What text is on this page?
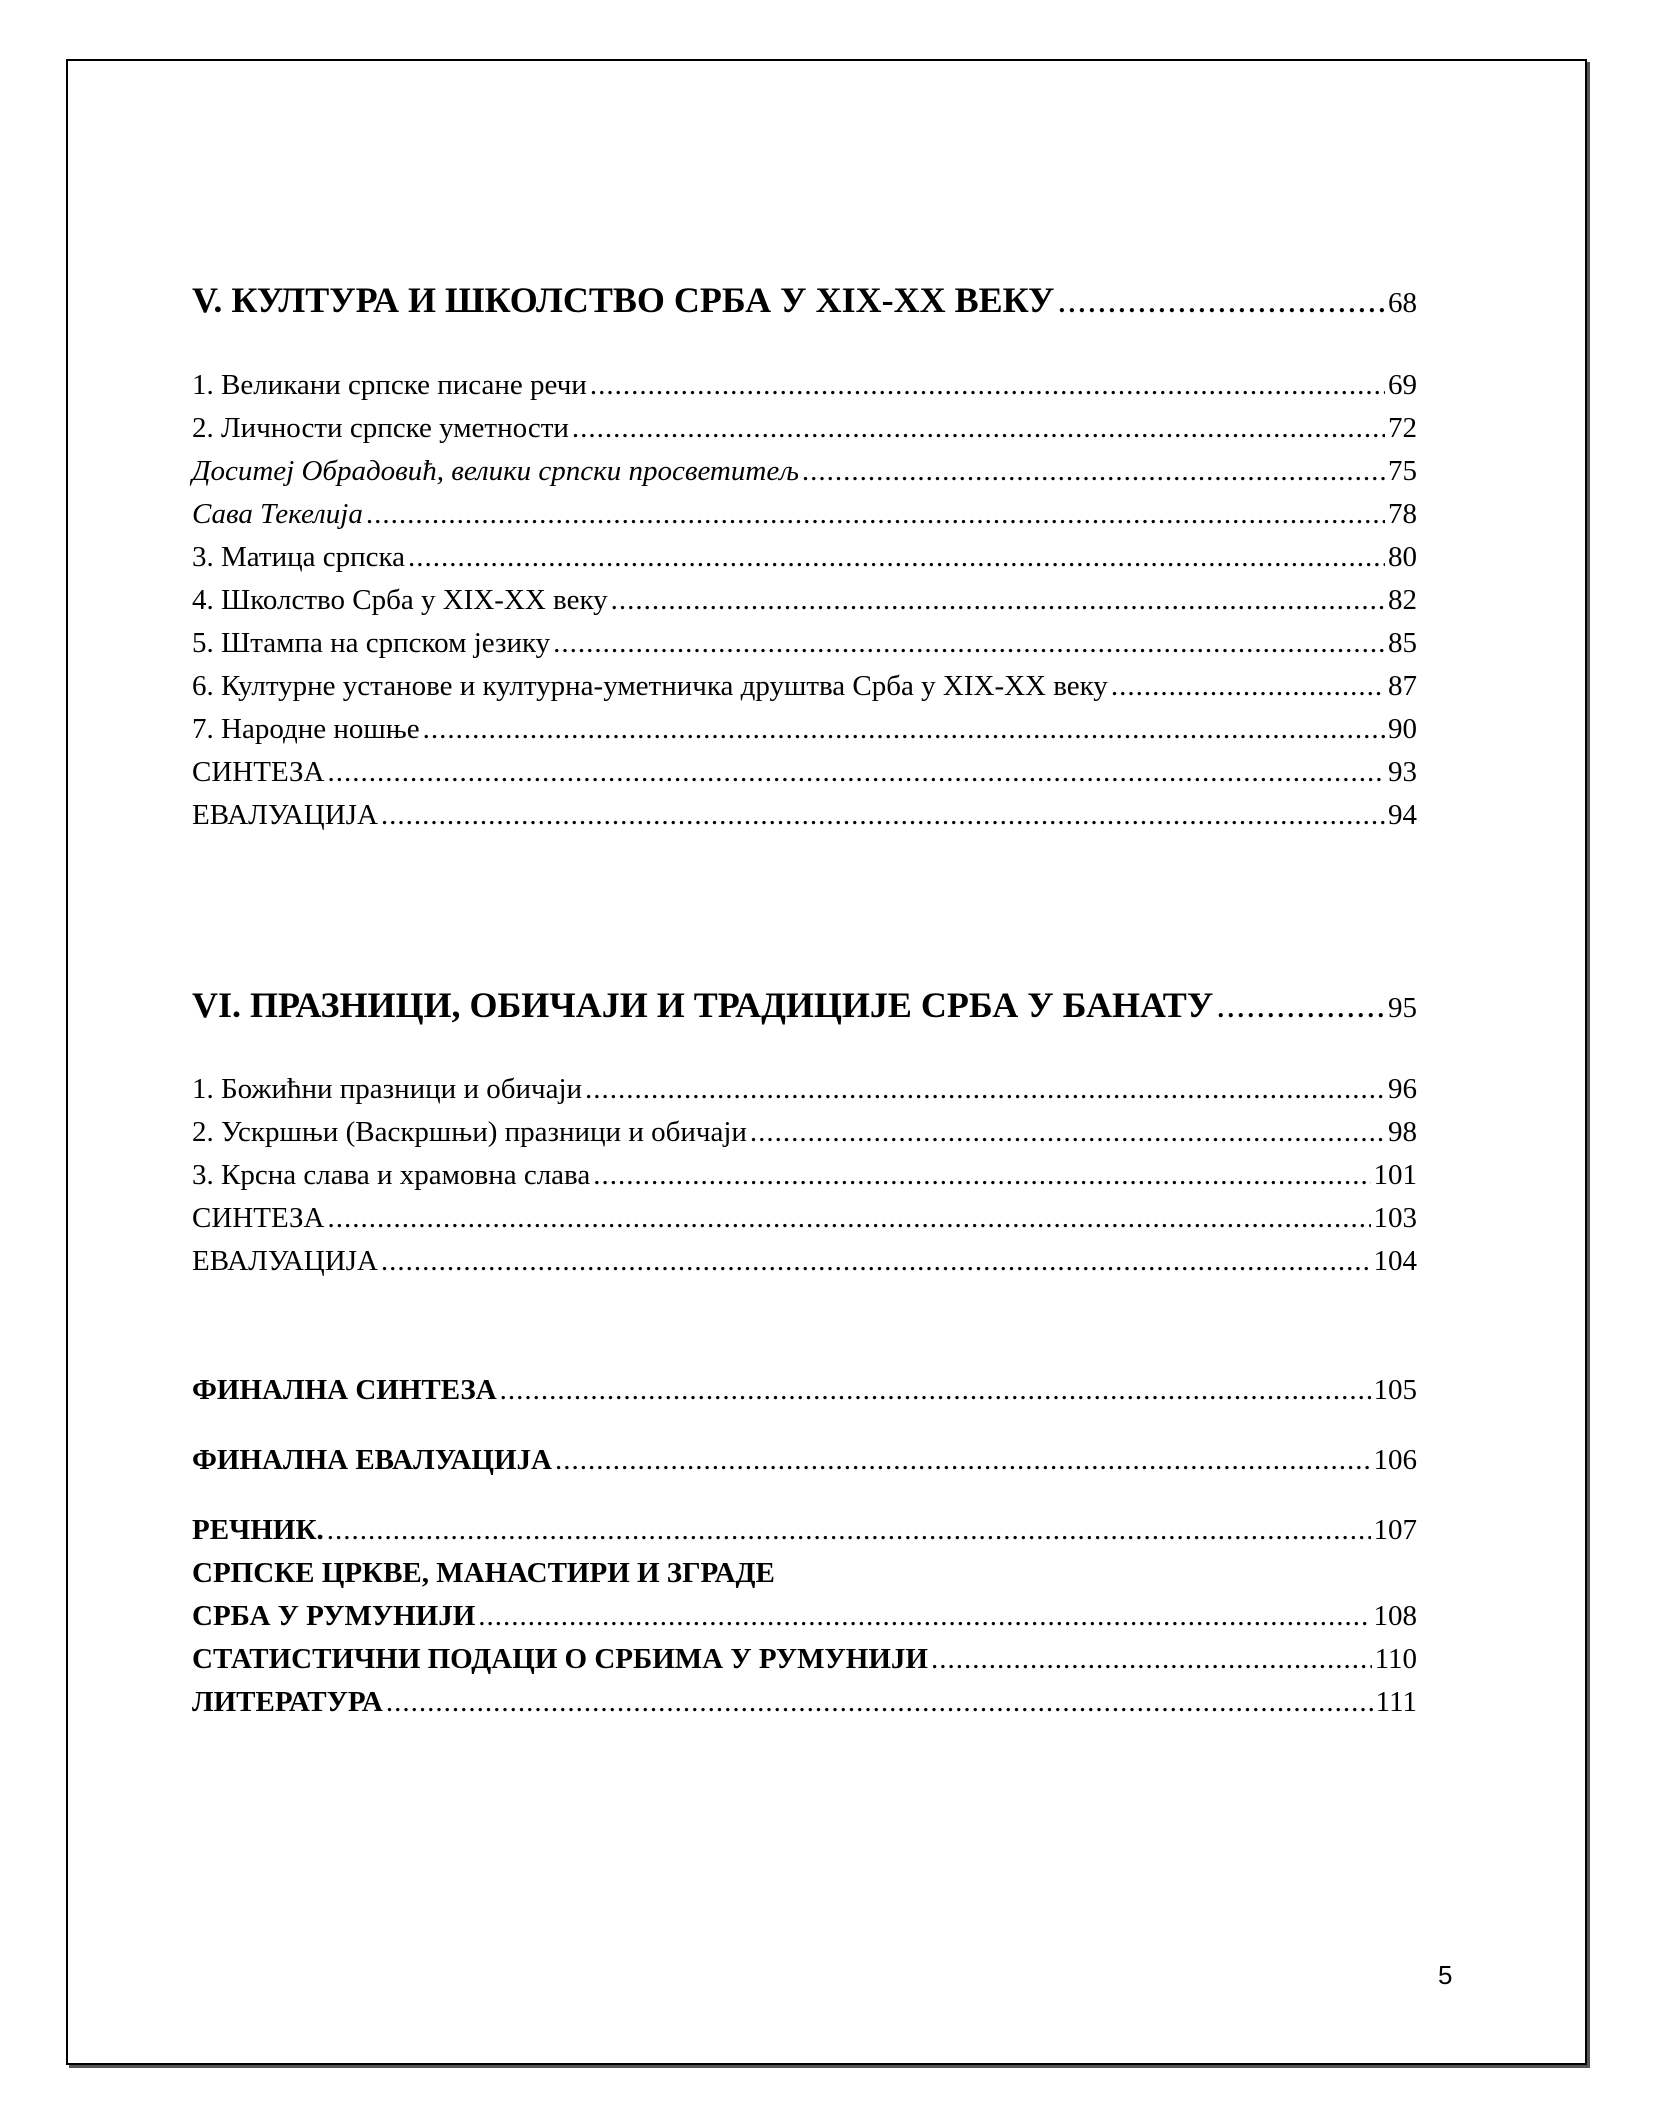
V. КУЛТУРА И ШКОЛСТВО СРБА У XIX-XX ВЕКУ .....	68
1. Великани српске писане речи .....	69
2. Личности српске уметности .....	72
Доситеј Обрадовић, велики српски просветитељ .....	75
Сава Текелија .....	78
3. Матица српска .....	80
4. Школство Срба у XIX-XX веку .....	82
5. Штампа на српском језику .....	85
6. Културне установе и културна-уметничка друштва Срба у XIX-XX веку .....	87
7. Народне ношње .....	90
СИНТЕЗА .....	93
ЕВАЛУАЦИЈА .....	94
VI. ПРАЗНИЦИ, ОБИЧАЈИ И ТРАДИЦИЈЕ СРБА У БАНАТУ .....	95
1. Божићни празници и обичаји .....	96
2. Ускршњи (Васкршњи) празници и обичаји .....	98
3. Крсна слава и храмовна слава .....	101
СИНТЕЗА .....	103
ЕВАЛУАЦИЈА .....	104
ФИНАЛНА СИНТЕЗА .....	105
ФИНАЛНА ЕВАЛУАЦИЈА .....	106
РЕЧНИК. .....	107
СРПСКЕ ЦРКВЕ, МАНАСТИРИ И ЗГРАДЕ
СРБА У РУМУНИЈИ .....	108
СТАТИСТИЧНИ ПОДАЦИ О СРБИМА У РУМУНИЈИ .....	110
ЛИТЕРАТУРА .....	111
5
